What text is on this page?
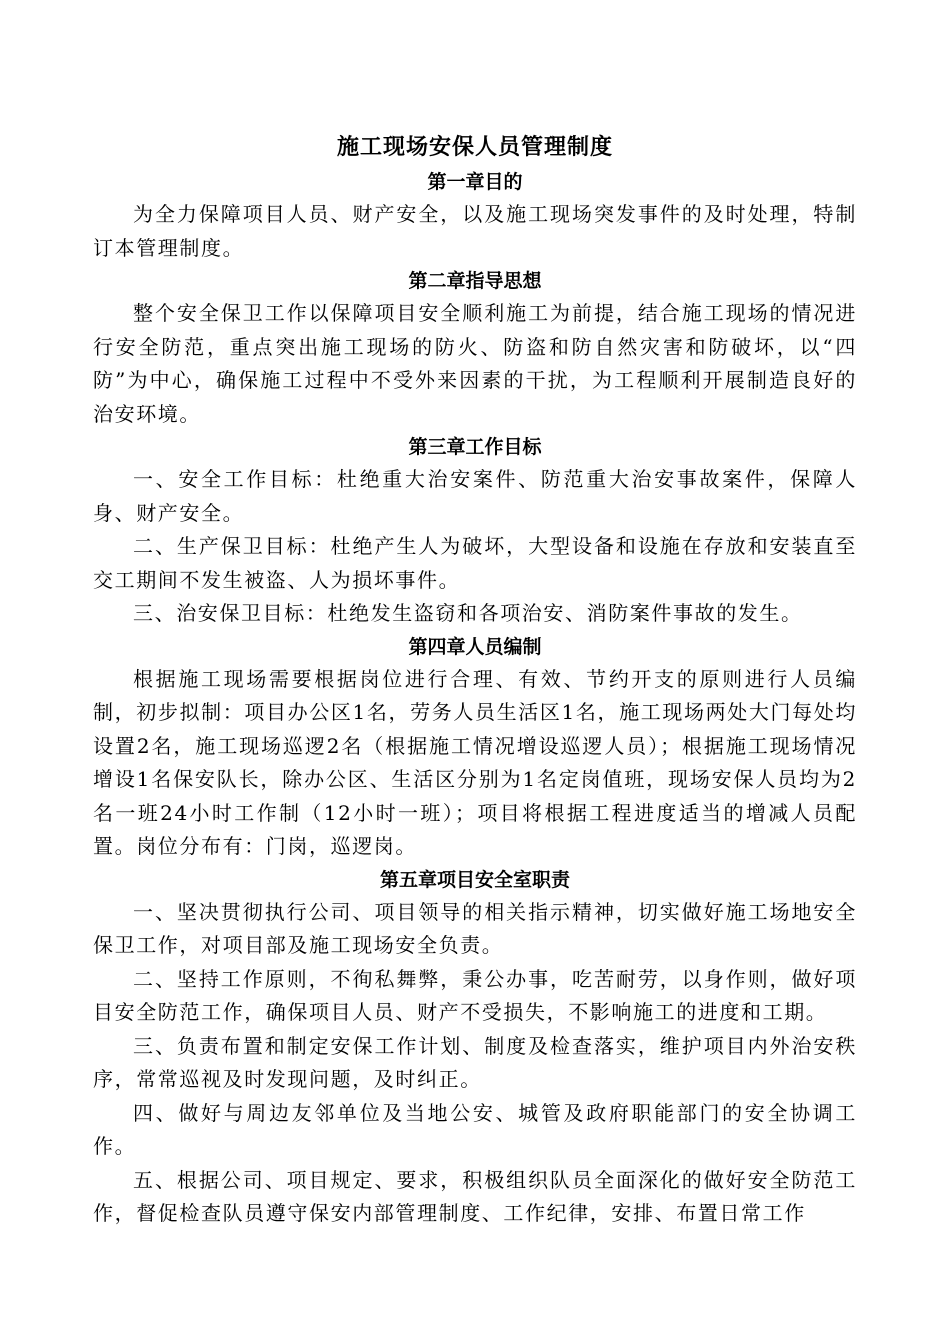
施工现场安保人员管理制度
第一章目的

为全力保障项目人员、财产安全，以及施工现场突发事件的及时处理，特制订本管理制度。

第二章指导思想

整个安全保卫工作以保障项目安全顺利施工为前提，结合施工现场的情况进行安全防范，重点突出施工现场的防火、防盗和防自然灾害和防破坏，以“四防”为中心，确保施工过程中不受外来因素的干扰，为工程顺利开展制造良好的治安环境。

第三章工作目标

一、安全工作目标：杜绝重大治安案件、防范重大治安事故案件，保障人身、财产安全。

二、生产保卫目标：杜绝产生人为破坏，大型设备和设施在存放和安装直至交工期间不发生被盗、人为损坏事件。

三、治安保卫目标：杜绝发生盗窃和各项治安、消防案件事故的发生。

第四章人员编制

根据施工现场需要根据岗位进行合理、有效、节约开支的原则进行人员编制，初步拟制：项目办公区1名，劳务人员生活区1名，施工现场两处大门每处均设置2名，施工现场巡逻2名（根据施工情况增设巡逻人员）；根据施工现场情况增设1名保安队长，除办公区、生活区分别为1名定岗值班，现场安保人员均为2名一班24小时工作制（12小时一班）；项目将根据工程进度适当的增减人员配置。岗位分布有：门岗，巡逻岗。

第五章项目安全室职责

一、坚决贯彻执行公司、项目领导的相关指示精神，切实做好施工场地安全保卫工作，对项目部及施工现场安全负责。

二、坚持工作原则，不徇私舞弊，秉公办事，吃苦耐劳，以身作则，做好项目安全防范工作，确保项目人员、财产不受损失，不影响施工的进度和工期。

三、负责布置和制定安保工作计划、制度及检查落实，维护项目内外治安秩序，常常巡视及时发现问题，及时纠正。

四、做好与周边友邻单位及当地公安、城管及政府职能部门的安全协调工作。

五、根据公司、项目规定、要求，积极组织队员全面深化的做好安全防范工作，督促检查队员遵守保安内部管理制度、工作纪律，安排、布置日常工作
